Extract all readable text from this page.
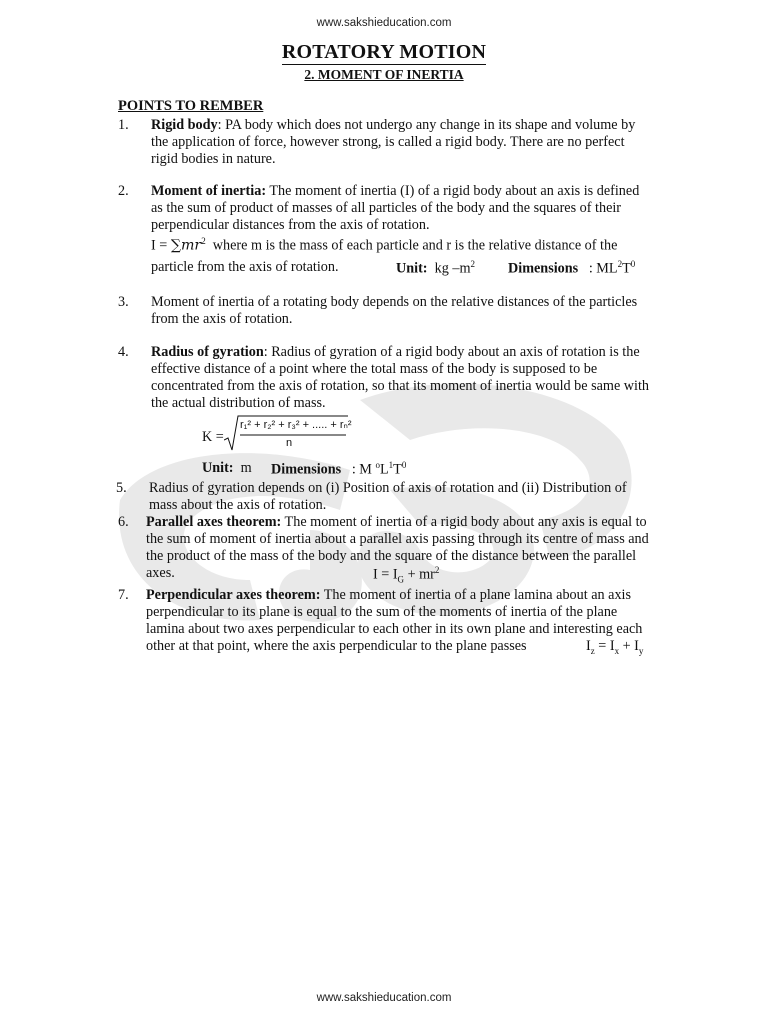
www.sakshieducation.com
ROTATORY MOTION
2. MOMENT OF INERTIA
POINTS TO REMBER
1. Rigid body: PA body which does not undergo any change in its shape and volume by
the application of force, however strong, is called a rigid body. There are no perfect
rigid bodies in nature.
2. Moment of inertia: The moment of inertia (I) of a rigid body about an axis is defined
as the sum of product of masses of all particles of the body and the squares of their
perpendicular distances from the axis of rotation.
$I = \sum mr^2$ where m is the mass of each particle and r is the relative distance of the
particle from the axis of rotation.	Unit: kg $-m^2$ Dimensions : $ML^2T^0$
3. Moment of inertia of a rotating body depends on the relative distances of the particles
from the axis of rotation.
4. Radius of gyration: Radius of gyration of a rigid body about an axis of rotation is the
effective distance of a point where the total mass of the body is supposed to be
concentrated from the axis of rotation, so that its moment of inertia would be same with
the actual distribution of mass.
K =
r₁² + r₂² + r₃² + ..... + rₙ²
n
Unit: m Dimensions : M $^oL^1T^0$
5. Radius of gyration depends on (i) Position of axis of rotation and (ii) Distribution of
mass about the axis of rotation.
6. Parallel axes theorem: The moment of inertia of a rigid body about any axis is equal to
the sum of moment of inertia about a parallel axis passing through its centre of mass and
the product of the mass of the body and the square of the distance between the parallel
axes.	$I = I_G + mr^2$
7. Perpendicular axes theorem: The moment of inertia of a plane lamina about an axis
perpendicular to its plane is equal to the sum of the moments of inertia of the plane
lamina about two axes perpendicular to each other in its own plane and interesting each
other at that point, where the axis perpendicular to the plane passes	$I_z = I_x + I_y$
www.sakshieducation.com
